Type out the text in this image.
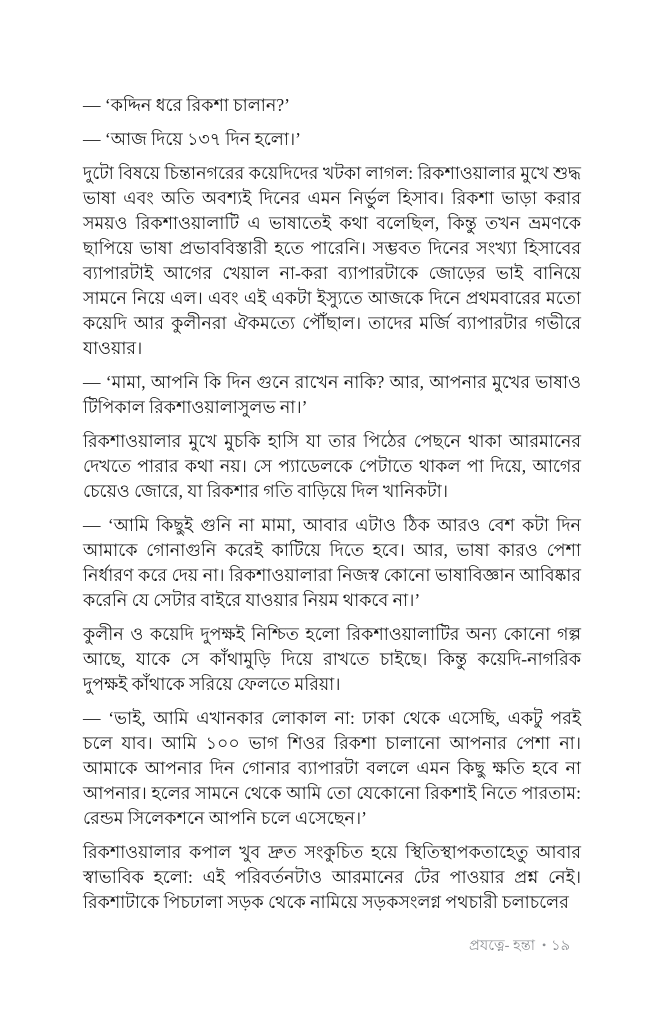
— ‘কদ্দিন ধরে রিকশা চালান?’

— ‘আজ দিয়ে ১৩৭ দিন হলো।’

দুটো বিষয়ে চিন্তানগরের কয়েদিদের খটকা লাগল: রিকশাওয়ালার মুখে শুদ্ধ ভাষা এবং অতি অবশ্যই দিনের এমন নির্ভুল হিসাব। রিকশা ভাড়া করার সময়ও রিকশাওয়ালাটি এ ভাষাতেই কথা বলেছিল, কিন্তু তখন ভ্রমণকে ছাপিয়ে ভাষা প্রভাববিস্তারী হতে পারেনি। সম্ভবত দিনের সংখ্যা হিসাবের ব্যাপারটাই আগের খেয়াল না-করা ব্যাপারটাকে জোড়ের ভাই বানিয়ে সামনে নিয়ে এল। এবং এই একটা ইস্যুতে আজকে দিনে প্রথমবারের মতো কয়েদি আর কুলীনরা ঐকমত্যে পৌঁছাল। তাদের মর্জি ব্যাপারটার গভীরে যাওয়ার।

— ‘মামা, আপনি কি দিন গুনে রাখেন নাকি? আর, আপনার মুখের ভাষাও টিপিকাল রিকশাওয়ালাসুলভ না।’

রিকশাওয়ালার মুখে মুচকি হাসি যা তার পিঠের পেছনে থাকা আরমানের দেখতে পারার কথা নয়। সে প্যাডেলকে পেটাতে থাকল পা দিয়ে, আগের চেয়েও জোরে, যা রিকশার গতি বাড়িয়ে দিল খানিকটা।

— ‘আমি কিছুই গুনি না মামা, আবার এটাও ঠিক আরও বেশ কটা দিন আমাকে গোনাগুনি করেই কাটিয়ে দিতে হবে। আর, ভাষা কারও পেশা নির্ধারণ করে দেয় না। রিকশাওয়ালারা নিজস্ব কোনো ভাষাবিজ্ঞান আবিষ্কার করেনি যে সেটার বাইরে যাওয়ার নিয়ম থাকবে না।’

কুলীন ও কয়েদি দুপক্ষই নিশ্চিত হলো রিকশাওয়ালাটির অন্য কোনো গল্প আছে, যাকে সে কাঁথামুড়ি দিয়ে রাখতে চাইছে। কিন্তু কয়েদি-নাগরিক দুপক্ষই কাঁথাকে সরিয়ে ফেলতে মরিয়া।

— ‘ভাই, আমি এখানকার লোকাল না: ঢাকা থেকে এসেছি, একটু পরই চলে যাব। আমি ১০০ ভাগ শিওর রিকশা চালানো আপনার পেশা না। আমাকে আপনার দিন গোনার ব্যাপারটা বললে এমন কিছু ক্ষতি হবে না আপনার। হলের সামনে থেকে আমি তো যেকোনো রিকশাই নিতে পারতাম: রেন্ডম সিলেকশনে আপনি চলে এসেছেন।’

রিকশাওয়ালার কপাল খুব দ্রুত সংকুচিত হয়ে স্থিতিস্থাপকতাহেতু আবার স্বাভাবিক হলো: এই পরিবর্তনটাও আরমানের টের পাওয়ার প্রশ্ন নেই। রিকশাটাকে পিচঢালা সড়ক থেকে নামিয়ে সড়কসংলগ্ন পথচারী চলাচলের

প্রযত্নে- হন্তা • ১৯
